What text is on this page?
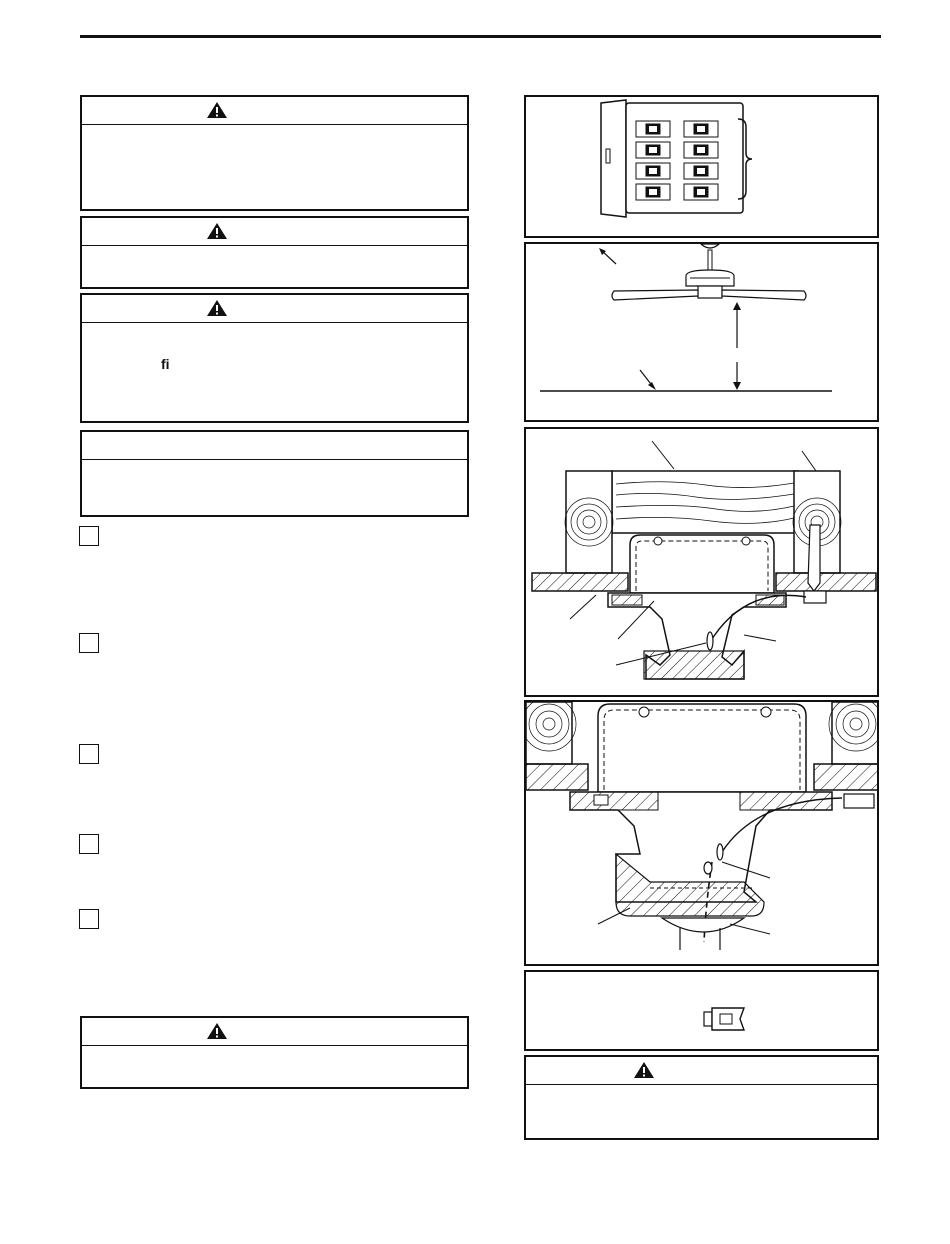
fi
